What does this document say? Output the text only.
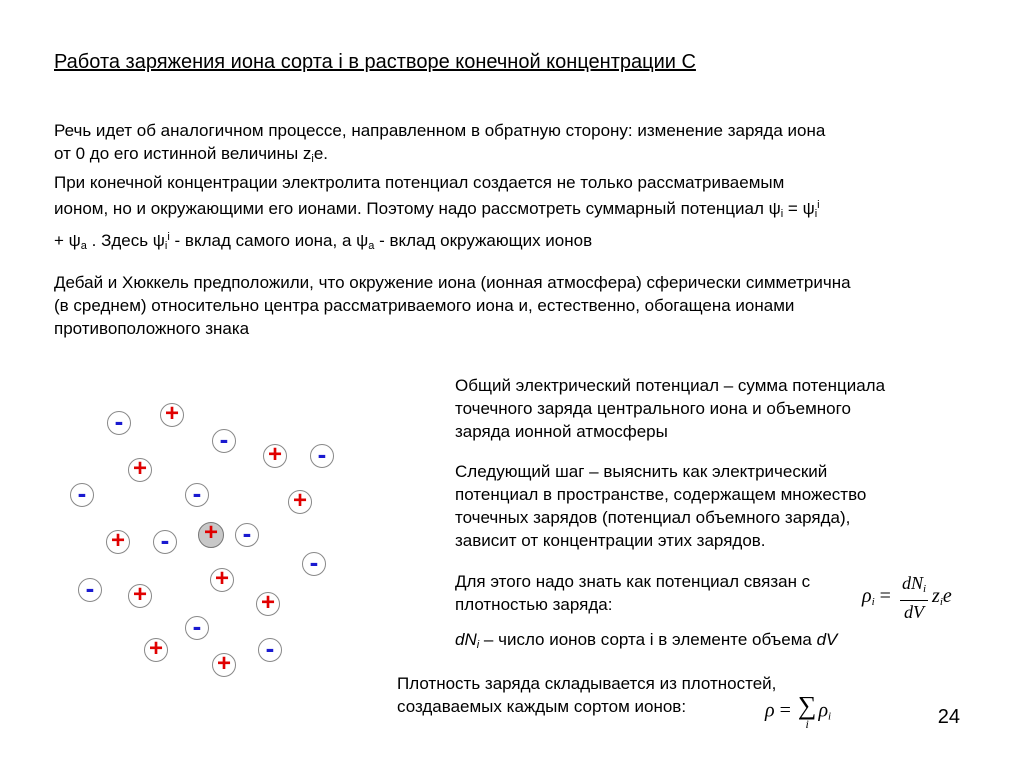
Работа заряжения иона сорта i в растворе конечной концентрации С
Речь идет об аналогичном процессе, направленном в обратную сторону: изменение заряда иона
от 0 до его истинной величины $z_ie$.
При конечной концентрации электролита потенциал создается не только рассматриваемым
ионом, но и окружающими его ионами. Поэтому надо рассмотреть суммарный потенциал $\psi_i = \psi_i^i$
+ $\psi_a$ . Здесь $\psi_i^i$ - вклад самого иона, а $\psi_a$ - вклад окружающих ионов
Дебай и Хюккель предположили, что окружение иона (ионная атмосфера) сферически симметрична
(в среднем) относительно центра рассматриваемого иона и, естественно, обогащена ионами
противоположного знака
-	+
-
+ -
+
-	-	+
+ -	+ -
-
+
-	+	+
-
+	-
+
Общий электрический потенциал – сумма потенциала
точечного заряда центрального иона и объемного
заряда ионной атмосферы
Следующий шаг – выяснить как электрический
потенциал в пространстве, содержащем множество
точечных зарядов (потенциал объемного заряда),
зависит от концентрации этих зарядов.
Для этого надо знать как потенциал связан с
плотностью заряда:	$\rho_i = \frac{dN_i}{dV} z_ie$
$dN_i$ – число ионов сорта i в элементе объема dV
Плотность заряда складывается из плотностей,
создаваемых каждым сортом ионов:	ρ = ∑
i
$\rho_i$	24
